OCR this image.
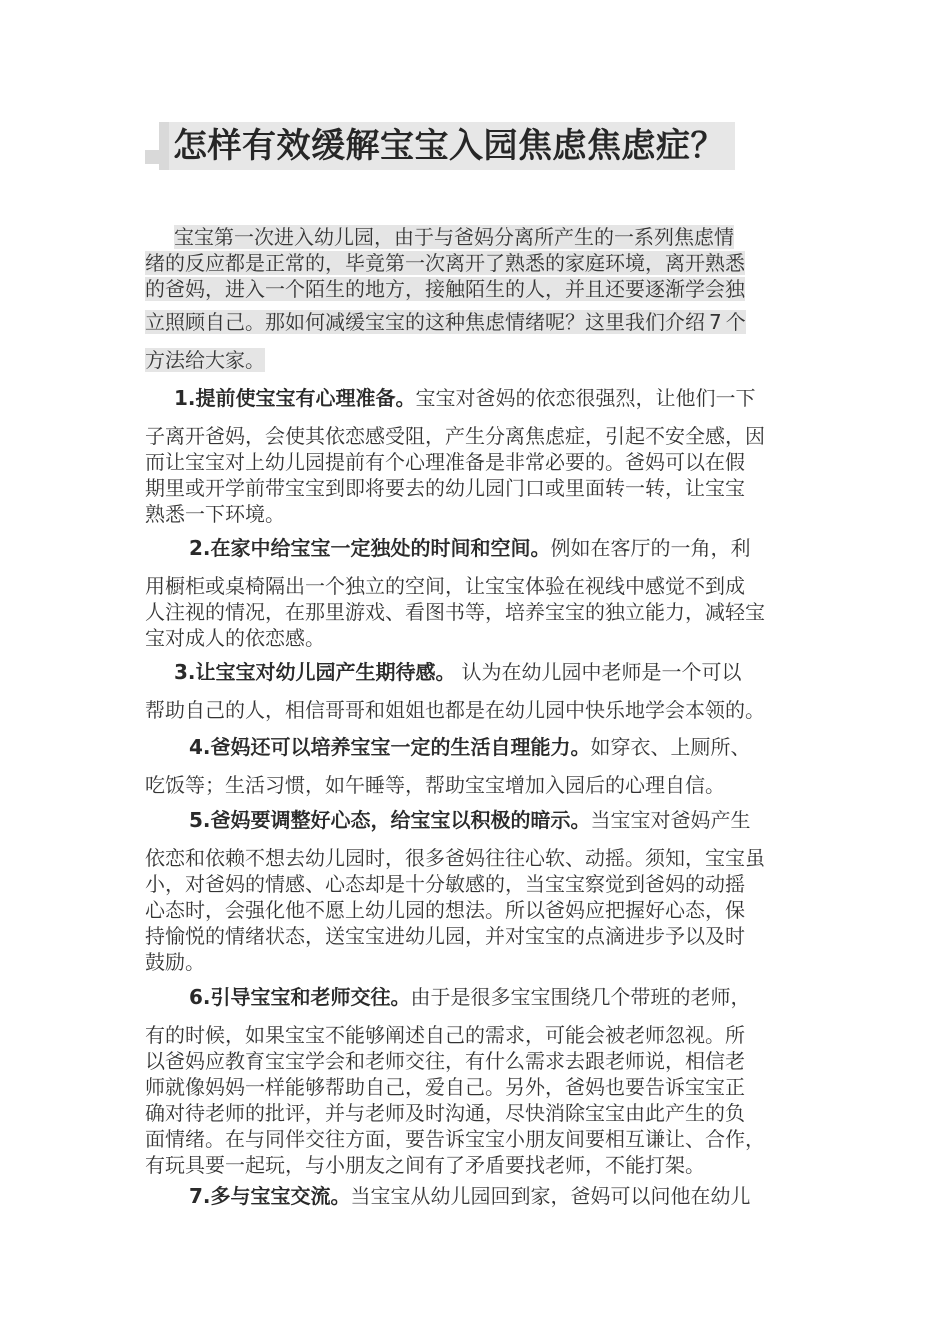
怎样有效缓解宝宝入园焦虑焦虑症？
宝宝第一次进入幼儿园，由于与爸妈分离所产生的一系列焦虑情
绪的反应都是正常的，毕竟第一次离开了熟悉的家庭环境，离开熟悉
的爸妈，进入一个陌生的地方，接触陌生的人，并且还要逐渐学会独
立照顾自己。那如何减缓宝宝的这种焦虑情绪呢？这里我们介绍 7 个
方法给大家。
1.提前使宝宝有心理准备。宝宝对爸妈的依恋很强烈，让他们一下
子离开爸妈，会使其依恋感受阻，产生分离焦虑症，引起不安全感，因
而让宝宝对上幼儿园提前有个心理准备是非常必要的。爸妈可以在假
期里或开学前带宝宝到即将要去的幼儿园门口或里面转一转，让宝宝
熟悉一下环境。
2.在家中给宝宝一定独处的时间和空间。例如在客厅的一角，利
用橱柜或桌椅隔出一个独立的空间，让宝宝体验在视线中感觉不到成
人注视的情况，在那里游戏、看图书等，培养宝宝的独立能力，减轻宝
宝对成人的依恋感。
3.让宝宝对幼儿园产生期待感。 认为在幼儿园中老师是一个可以
帮助自己的人，相信哥哥和姐姐也都是在幼儿园中快乐地学会本领的。
4.爸妈还可以培养宝宝一定的生活自理能力。如穿衣、上厕所、
吃饭等；生活习惯，如午睡等，帮助宝宝增加入园后的心理自信。
5.爸妈要调整好心态，给宝宝以积极的暗示。当宝宝对爸妈产生
依恋和依赖不想去幼儿园时，很多爸妈往往心软、动摇。须知，宝宝虽
小，对爸妈的情感、心态却是十分敏感的，当宝宝察觉到爸妈的动摇
心态时，会强化他不愿上幼儿园的想法。所以爸妈应把握好心态，保
持愉悦的情绪状态，送宝宝进幼儿园，并对宝宝的点滴进步予以及时
鼓励。
6.引导宝宝和老师交往。由于是很多宝宝围绕几个带班的老师，
有的时候，如果宝宝不能够阐述自己的需求，可能会被老师忽视。所
以爸妈应教育宝宝学会和老师交往，有什么需求去跟老师说，相信老
师就像妈妈一样能够帮助自己，爱自己。另外，爸妈也要告诉宝宝正
确对待老师的批评，并与老师及时沟通，尽快消除宝宝由此产生的负
面情绪。在与同伴交往方面，要告诉宝宝小朋友间要相互谦让、合作，
有玩具要一起玩，与小朋友之间有了矛盾要找老师，不能打架。
7.多与宝宝交流。当宝宝从幼儿园回到家，爸妈可以问他在幼儿
